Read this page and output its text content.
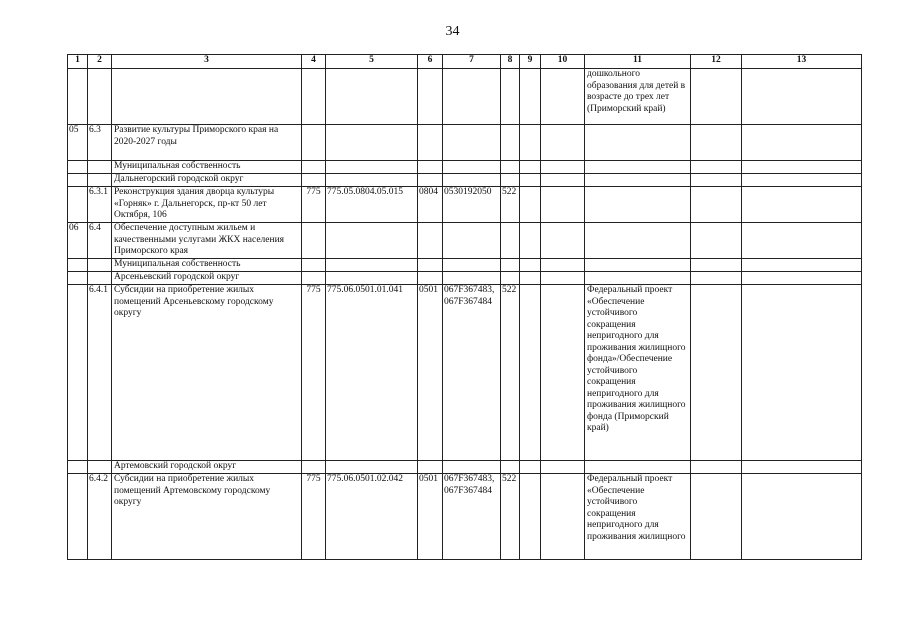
34
1	2	3	4	5	6	7	8	9	10	11	12	13
										дошкольного образования для детей в возрасте до трех лет (Приморский край)		
05	6.3	Развитие культуры Приморского края на 2020-2027 годы										
		Муниципальная собственность										
		Дальнегорский городской округ										
	6.3.1	Реконструкция здания дворца культуры «Горняк» г. Дальнегорск, пр-кт 50 лет Октября, 106	775	775.05.0804.05.015	0804	0530192050	522					
06	6.4	Обеспечение доступным жильем и качественными услугами ЖКХ населения Приморского края										
		Муниципальная собственность										
		Арсеньевский городской округ										
	6.4.1	Субсидии на приобретение жилых помещений Арсеньевскому городскому округу	775	775.06.0501.01.041	0501	067F367483, 067F367484	522			Федеральный проект «Обеспечение устойчивого сокращения непригодного для проживания жилищного фонда»/Обеспечение устойчивого сокращения непригодного для проживания жилищного фонда (Приморский край)		
		Артемовский городской округ										
	6.4.2	Субсидии на приобретение жилых помещений Артемовскому городскому округу	775	775.06.0501.02.042	0501	067F367483, 067F367484	522			Федеральный проект «Обеспечение устойчивого сокращения непригодного для проживания жилищного		
